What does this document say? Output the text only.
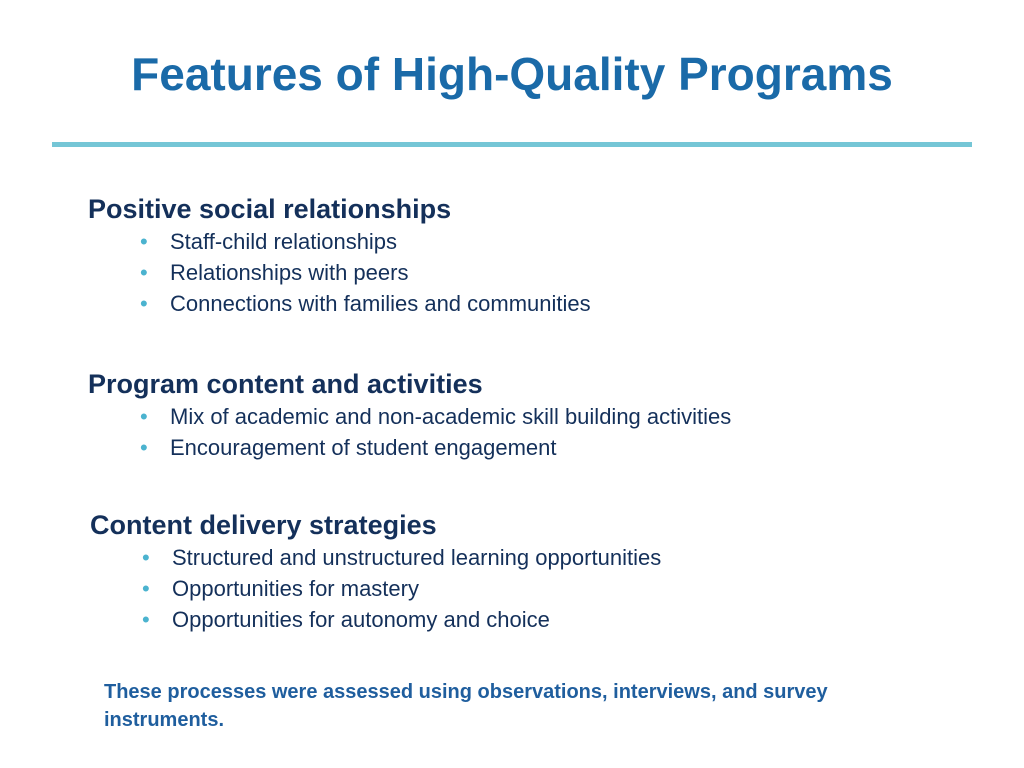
Features of High-Quality Programs
Positive social relationships
• Staff-child relationships
• Relationships with peers
• Connections with families and communities
Program content and activities
• Mix of academic and non-academic skill building activities
• Encouragement of student engagement
Content delivery strategies
• Structured and unstructured learning opportunities
• Opportunities for mastery
• Opportunities for autonomy and choice

These processes were assessed using observations, interviews, and survey instruments.
